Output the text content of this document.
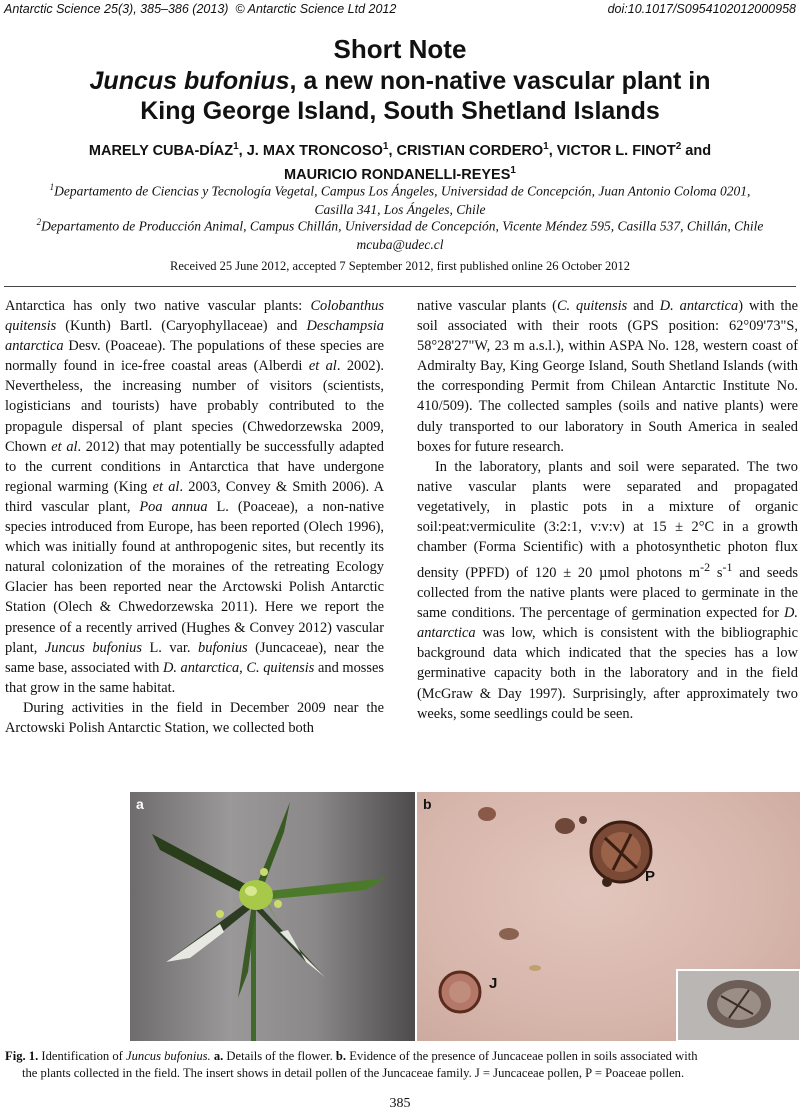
Antarctic Science 25(3), 385–386 (2013) © Antarctic Science Ltd 2012	doi:10.1017/S0954102012000958
Short Note
Juncus bufonius, a new non-native vascular plant in
King George Island, South Shetland Islands
MARELY CUBA-DÍAZ$^1$, J. MAX TRONCOSO$^1$, CRISTIAN CORDERO$^1$, VICTOR L. FINOT$^2$ and
MAURICIO RONDANELLI-REYES$^1$
$^1$Departamento de Ciencias y Tecnología Vegetal, Campus Los Ángeles, Universidad de Concepción, Juan Antonio Coloma 0201,
Casilla 341, Los Ángeles, Chile
$^2$Departamento de Producción Animal, Campus Chillán, Universidad de Concepción, Vicente Méndez 595, Casilla 537, Chillán, Chile
mcuba@udec.cl
Received 25 June 2012, accepted 7 September 2012, first published online 26 October 2012

Antarctica has only two native vascular plants: Colobanthus quitensis (Kunth) Bartl. (Caryophyllaceae) and Deschampsia antarctica Desv. (Poaceae). The populations of these species are normally found in ice-free coastal areas (Alberdi et al. 2002). Nevertheless, the increasing number of visitors (scientists, logisticians and tourists) have probably contributed to the propagule dispersal of plant species (Chwedorzewska 2009, Chown et al. 2012) that may potentially be successfully adapted to the current conditions in Antarctica that have undergone regional warming (King et al. 2003, Convey & Smith 2006). A third vascular plant, Poa annua L. (Poaceae), a non-native species introduced from Europe, has been reported (Olech 1996), which was initially found at anthropogenic sites, but recently its natural colonization of the moraines of the retreating Ecology Glacier has been reported near the Arctowski Polish Antarctic Station (Olech & Chwedorzewska 2011). Here we report the presence of a recently arrived (Hughes & Convey 2012) vascular plant, Juncus bufonius L. var. bufonius (Juncaceae), near the same base, associated with D. antarctica, C. quitensis and mosses that grow in the same habitat.

During activities in the field in December 2009 near the Arctowski Polish Antarctic Station, we collected both

native vascular plants (C. quitensis and D. antarctica) with the soil associated with their roots (GPS position: 62°09'73"S, 58°28'27"W, 23 m a.s.l.), within ASPA No. 128, western coast of Admiralty Bay, King George Island, South Shetland Islands (with the corresponding Permit from Chilean Antarctic Institute No. 410/509). The collected samples (soils and native plants) were duly transported to our laboratory in South America in sealed boxes for future research.

In the laboratory, plants and soil were separated. The two native vascular plants were separated and propagated vegetatively, in plastic pots in a mixture of organic soil:peat:vermiculite (3:2:1, v:v:v) at 15 ± 2°C in a growth chamber (Forma Scientific) with a photosynthetic photon flux density (PPFD) of 120 ± 20 µmol photons $m^{-2}$ $s^{-1}$ and seeds collected from the native plants were placed to germinate in the same conditions. The percentage of germination expected for D. antarctica was low, which is consistent with the bibliographic background data which indicated that the species has a low germinative capacity both in the laboratory and in the field (McGraw & Day 1997). Surprisingly, after approximately two weeks, some seedlings could be seen.

a	b
P
J
Fig. 1. Identification of Juncus bufonius. a. Details of the flower. b. Evidence of the presence of Juncaceae pollen in soils associated with
the plants collected in the field. The insert shows in detail pollen of the Juncaceae family. J = Juncaceae pollen, P = Poaceae pollen.
385
